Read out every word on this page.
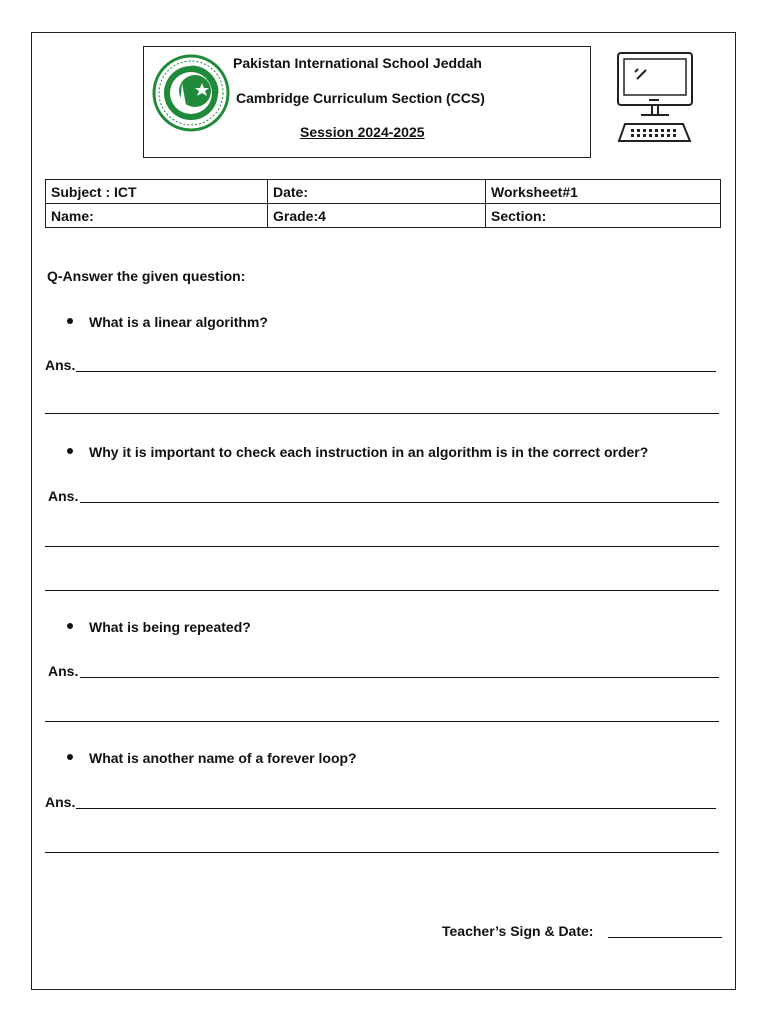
Pakistan International School Jeddah
Cambridge Curriculum Section (CCS)
Session 2024-2025
Subject : ICT	Date:	Worksheet#1
Name:	Grade:4	Section:
Q-Answer the given question:
What is a linear algorithm?
Ans.
Why it is important to check each instruction in an algorithm is in the correct order?
Ans.
What is being repeated?
Ans.
What is another name of a forever loop?
Ans.
Teacher’s Sign & Date:
